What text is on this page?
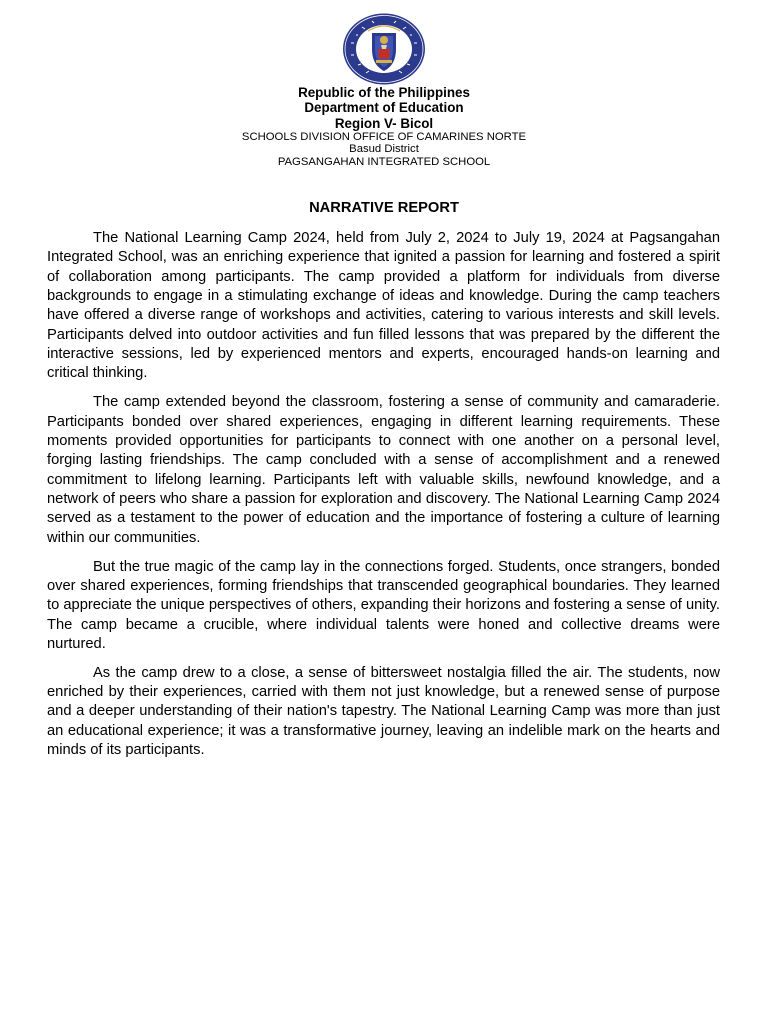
Republic of the Philippines

Department of Education

Region V- Bicol

SCHOOLS DIVISION OFFICE OF CAMARINES NORTE

Basud District

PAGSANGAHAN INTEGRATED SCHOOL

NARRATIVE REPORT

The National Learning Camp 2024, held from July 2, 2024 to July 19, 2024 at Pagsangahan Integrated School, was an enriching experience that ignited a passion for learning and fostered a spirit of collaboration among participants. The camp provided a platform for individuals from diverse backgrounds to engage in a stimulating exchange of ideas and knowledge. During the camp teachers have offered a diverse range of workshops and activities, catering to various interests and skill levels. Participants delved into outdoor activities and fun filled lessons that was prepared by the different the interactive sessions, led by experienced mentors and experts, encouraged hands-on learning and critical thinking.

The camp extended beyond the classroom, fostering a sense of community and camaraderie. Participants bonded over shared experiences, engaging in different learning requirements. These moments provided opportunities for participants to connect with one another on a personal level, forging lasting friendships. The camp concluded with a sense of accomplishment and a renewed commitment to lifelong learning. Participants left with valuable skills, newfound knowledge, and a network of peers who share a passion for exploration and discovery. The National Learning Camp 2024 served as a testament to the power of education and the importance of fostering a culture of learning within our communities.

But the true magic of the camp lay in the connections forged. Students, once strangers, bonded over shared experiences, forming friendships that transcended geographical boundaries. They learned to appreciate the unique perspectives of others, expanding their horizons and fostering a sense of unity. The camp became a crucible, where individual talents were honed and collective dreams were nurtured.

As the camp drew to a close, a sense of bittersweet nostalgia filled the air. The students, now enriched by their experiences, carried with them not just knowledge, but a renewed sense of purpose and a deeper understanding of their nation's tapestry. The National Learning Camp was more than just an educational experience; it was a transformative journey, leaving an indelible mark on the hearts and minds of its participants.
